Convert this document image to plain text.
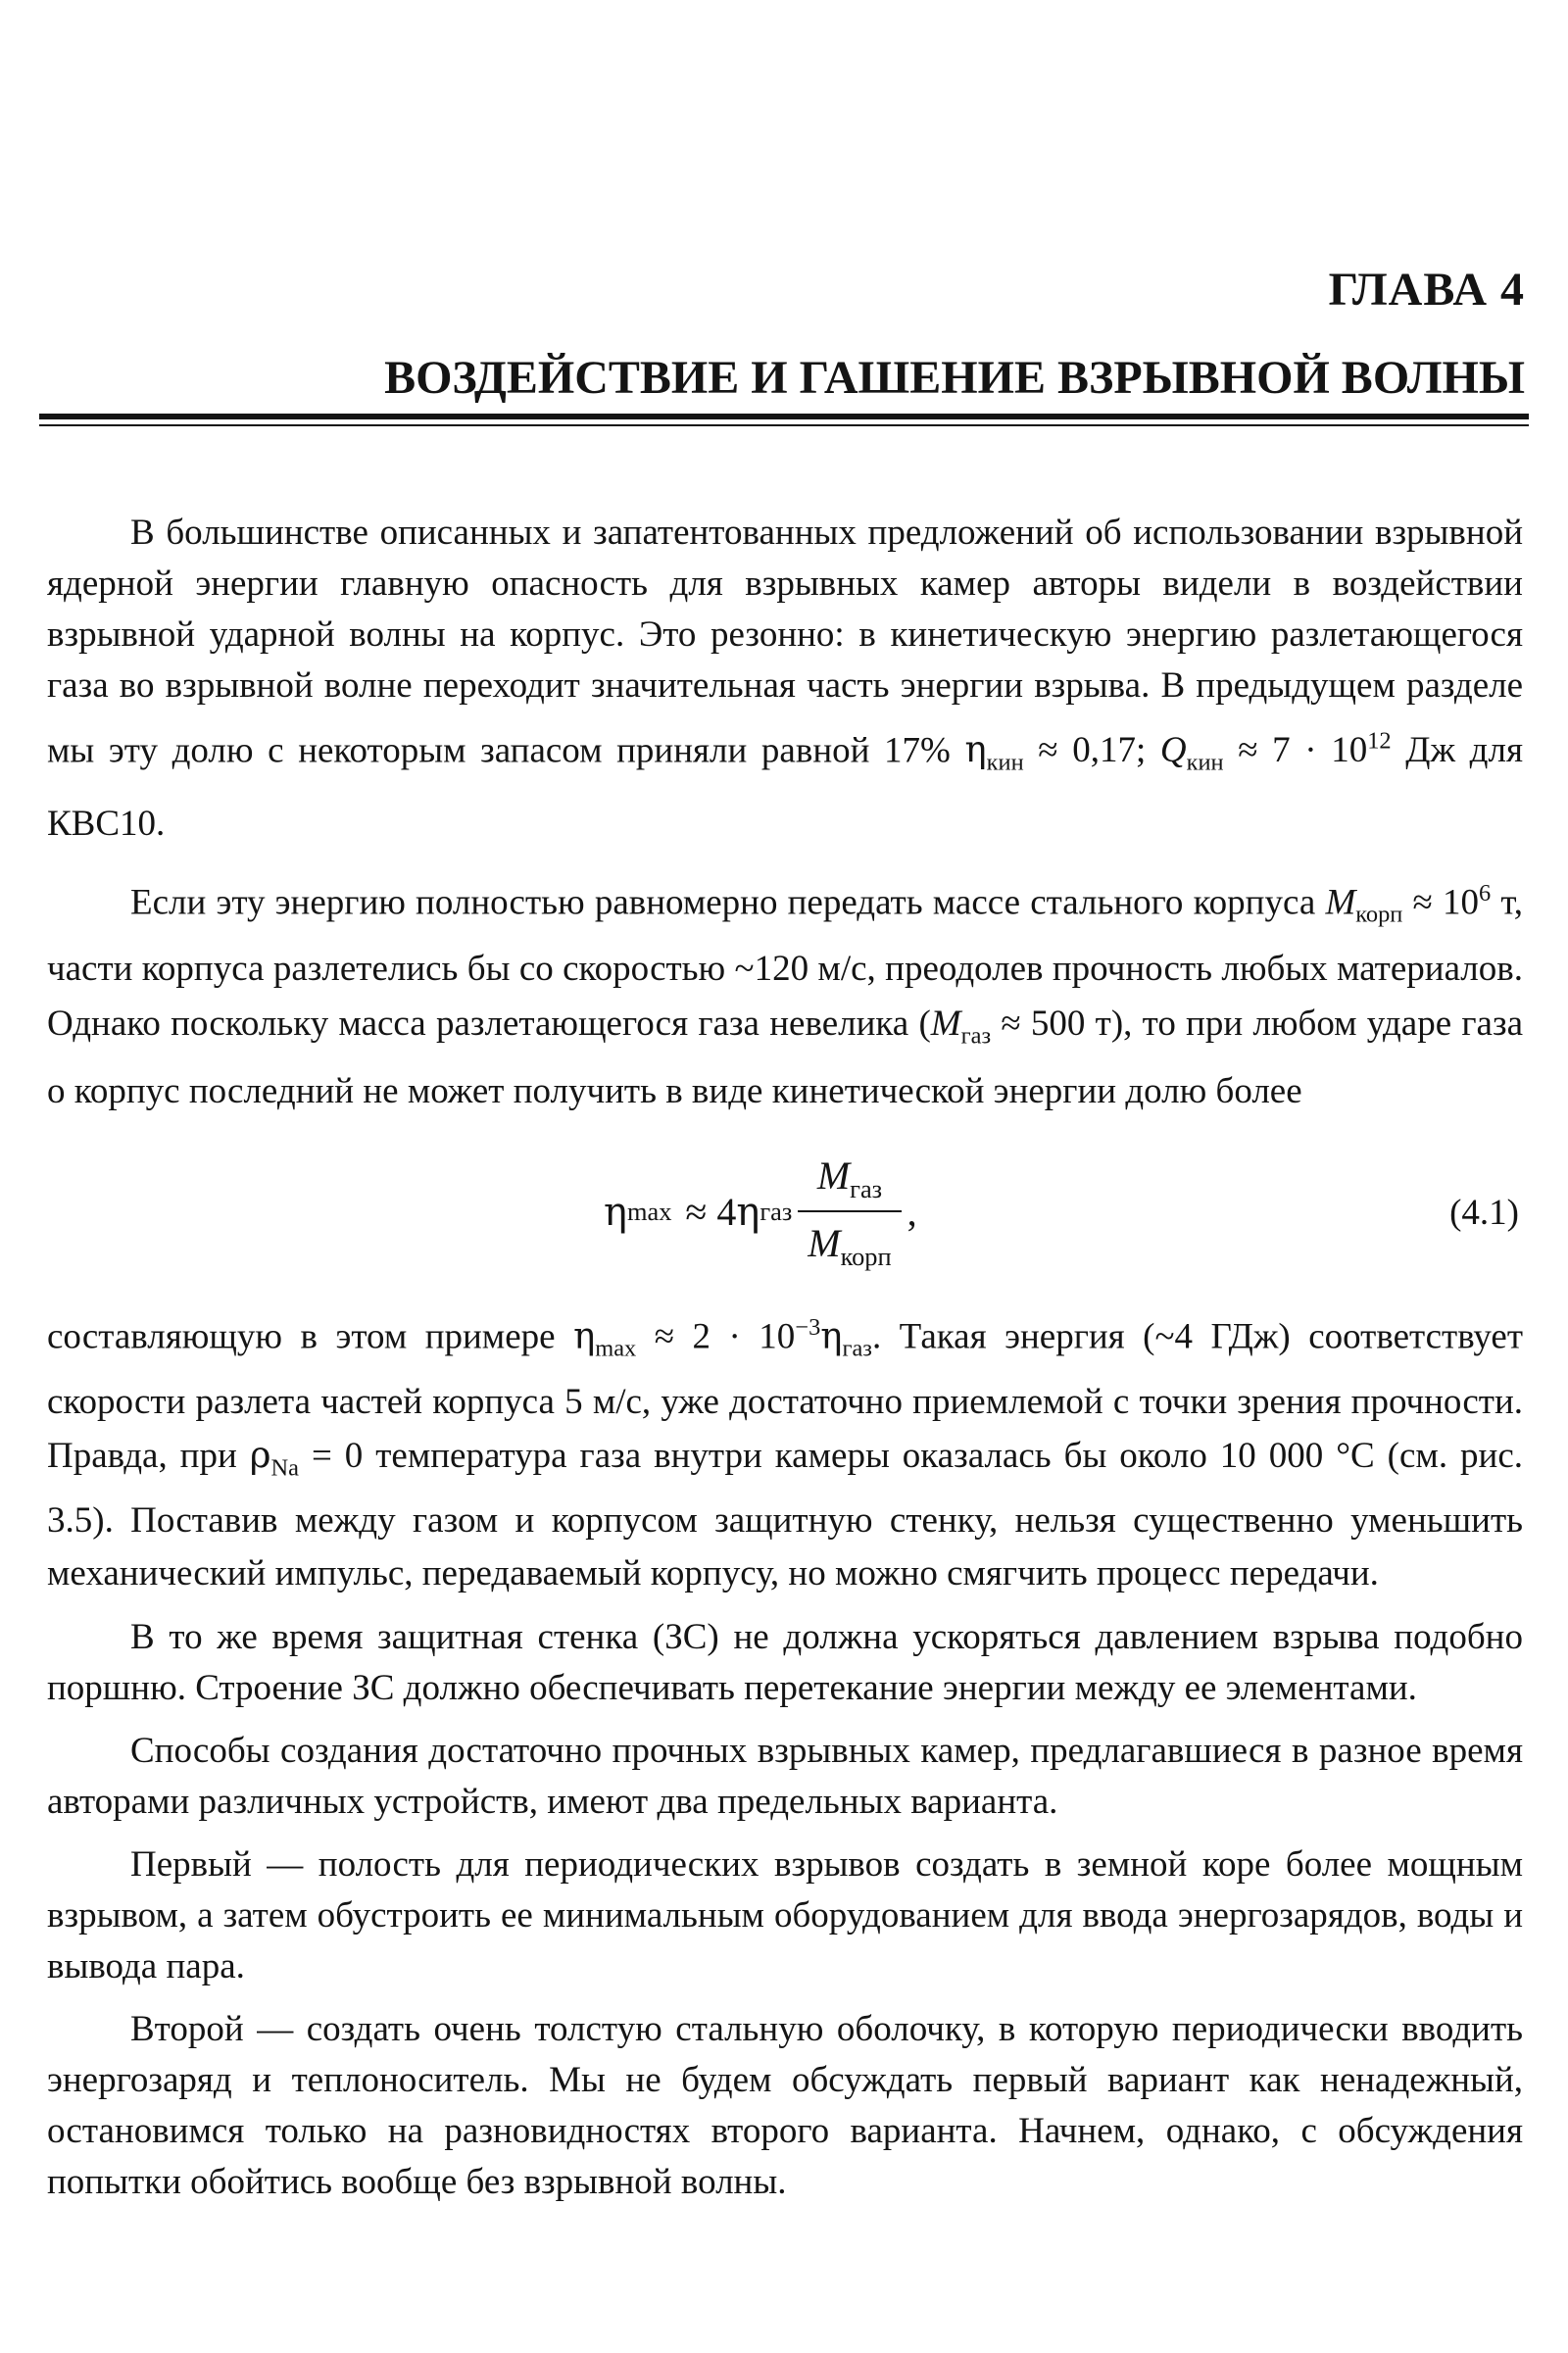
ГЛАВА 4
ВОЗДЕЙСТВИЕ И ГАШЕНИЕ ВЗРЫВНОЙ ВОЛНЫ

В большинстве описанных и запатентованных предложений об использовании взрывной ядерной энергии главную опасность для взрывных камер авторы видели в воздействии взрывной ударной волны на корпус. Это резонно: в кинетическую энергию разлетающегося газа во взрывной волне переходит значительная часть энергии взрыва. В предыдущем разделе мы эту долю с некоторым запасом приняли равной 17% $\eta_{кин} \approx 0,17$; $Q_{кин} \approx 7 \cdot 10^{12}$ Дж для КВС10.

Если эту энергию полностью равномерно передать массе стального корпуса $M_{корп} \approx 10^6$ т, части корпуса разлетелись бы со скоростью ~120 м/с, преодолев прочность любых материалов. Однако поскольку масса разлетающегося газа невелика ($M_{газ} \approx 500$ т), то при любом ударе газа о корпус последний не может получить в виде кинетической энергии долю более

η max ≈ 4 η газ $\frac{M_{газ}}{M_{корп}}$ ,	(4.1)

составляющую в этом примере $\eta_{max} \approx 2 \cdot 10^{-3}\eta_{газ}$. Такая энергия (~4 ГДж) соответствует скорости разлета частей корпуса 5 м/с, уже достаточно приемлемой с точки зрения прочности. Правда, при $\rho_{Na} = 0$ температура газа внутри камеры оказалась бы около 10 000 °С (см. рис. 3.5). Поставив между газом и корпусом защитную стенку, нельзя существенно уменьшить механический импульс, передаваемый корпусу, но можно смягчить процесс передачи.

В то же время защитная стенка (ЗС) не должна ускоряться давлением взрыва подобно поршню. Строение ЗС должно обеспечивать перетекание энергии между ее элементами.

Способы создания достаточно прочных взрывных камер, предлагавшиеся в разное время авторами различных устройств, имеют два предельных варианта.

Первый — полость для периодических взрывов создать в земной коре более мощным взрывом, а затем обустроить ее минимальным оборудованием для ввода энергозарядов, воды и вывода пара.

Второй — создать очень толстую стальную оболочку, в которую периодически вводить энергозаряд и теплоноситель. Мы не будем обсуждать первый вариант как ненадежный, остановимся только на разновидностях второго варианта. Начнем, однако, с обсуждения попытки обойтись вообще без взрывной волны.
